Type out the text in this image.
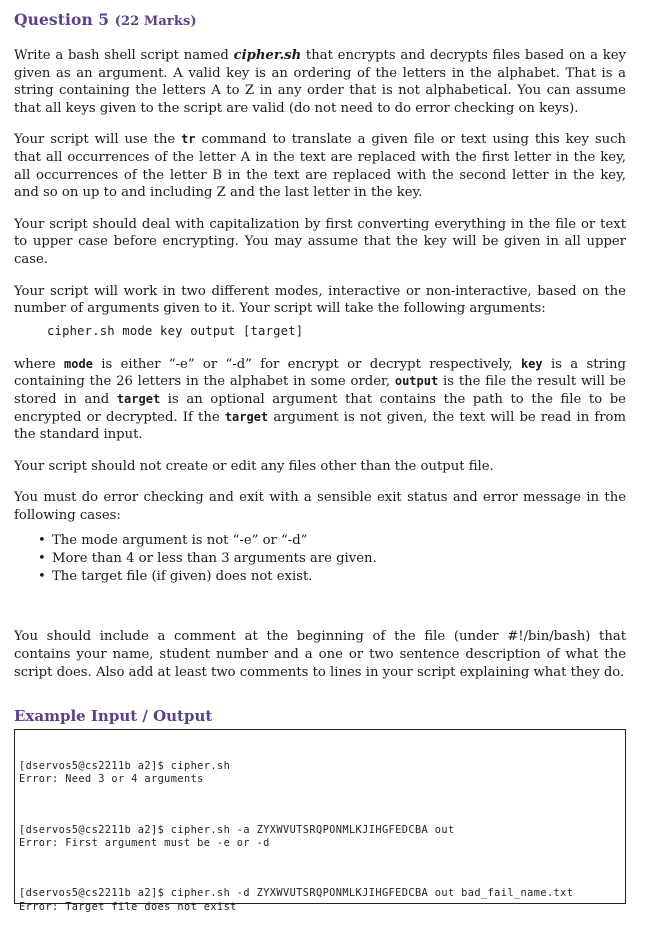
Question 5 (22 Marks)

Write a bash shell script named cipher.sh that encrypts and decrypts files based on a key given as an argument. A valid key is an ordering of the letters in the alphabet. That is a string containing the letters A to Z in any order that is not alphabetical. You can assume that all keys given to the script are valid (do not need to do error checking on keys).

Your script will use the tr command to translate a given file or text using this key such that all occurrences of the letter A in the text are replaced with the first letter in the key, all occurrences of the letter B in the text are replaced with the second letter in the key, and so on up to and including Z and the last letter in the key.

Your script should deal with capitalization by first converting everything in the file or text to upper case before encrypting. You may assume that the key will be given in all upper case.

Your script will work in two different modes, interactive or non-interactive, based on the number of arguments given to it. Your script will take the following arguments:

cipher.sh mode key output [target]

where mode is either “-e” or “-d” for encrypt or decrypt respectively, key is a string containing the 26 letters in the alphabet in some order, output is the file the result will be stored in and target is an optional argument that contains the path to the file to be encrypted or decrypted. If the target argument is not given, the text will be read in from the standard input.

Your script should not create or edit any files other than the output file.

You must do error checking and exit with a sensible exit status and error message in the following cases:

• The mode argument is not “-e” or “-d”
• More than 4 or less than 3 arguments are given.
• The target file (if given) does not exist.

You should include a comment at the beginning of the file (under #!/bin/bash) that contains your name, student number and a one or two sentence description of what the script does. Also add at least two comments to lines in your script explaining what they do.

Example Input / Output

[dservos5@cs2211b a2]$ cipher.sh
Error: Need 3 or 4 arguments

[dservos5@cs2211b a2]$ cipher.sh -a ZYXWVUTSRQPONMLKJIHGFEDCBA out
Error: First argument must be -e or -d

[dservos5@cs2211b a2]$ cipher.sh -d ZYXWVUTSRQPONMLKJIHGFEDCBA out bad_fail_name.txt
Error: Target file does not exist
